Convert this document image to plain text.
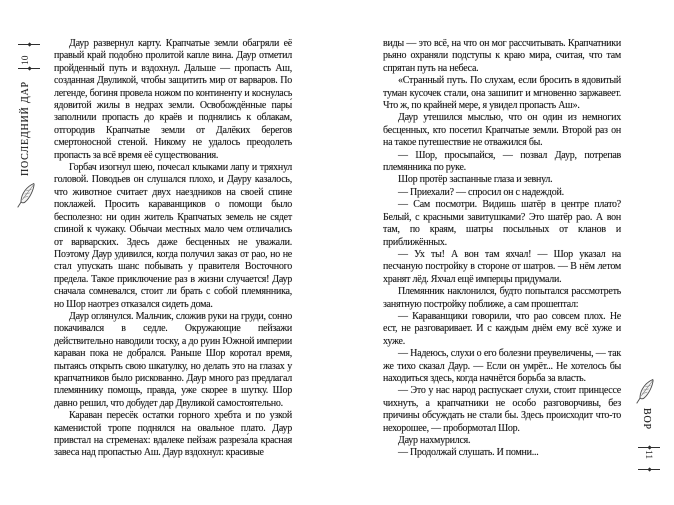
10
ПОСЛЕДНИЙ ДАР

Даур развернул карту. Крапчатые земли обагряли её правый край подобно пролитой капле вина. Даур отметил пройденный путь и вздохнул. Дальше — пропасть Аш, созданная Двуликой, чтобы защитить мир от варваров. По легенде, богиня провела ножом по континенту и коснулась ядовитой жилы в недрах земли. Освобождённые пары́ заполнили пропасть до краёв и поднялись к облакам, отгородив Крапчатые земли от Далёких берегов смертоносной стеной. Никому не удалось преодолеть пропасть за всё время её существования.

Горбач изогнул шею, почесал клыками лапу и тряхнул головой. Поводьев он слушался плохо, и Дауру казалось, что животное считает двух наездников на своей спине поклажей. Просить караванщиков о помощи было бесполезно: ни один житель Крапчатых земель не сядет спиной к чужаку. Обычаи местных мало чем отличались от варварских. Здесь даже бесценных не уважали. Поэтому Даур удивился, когда получил заказ от рао, но не стал упускать шанс побывать у правителя Восточного предела. Такое приключение раз в жизни случается! Даур сначала сомневался, стоит ли брать с собой племянника, но Шор наотрез отказался сидеть дома.

Даур оглянулся. Мальчик, сложив руки на груди, сонно покачивался в седле. Окружающие пейзажи действительно наводили тоску, а до руин Южной империи караван пока не добрался. Раньше Шор коротал время, пытаясь открыть свою шкатулку, но делать это на глазах у крапчатников было рискованно. Даур много раз предлагал племяннику помощь, правда, уже скорее в шутку. Шор давно решил, что добудет дар Двуликой самостоятельно.

Караван пересёк остатки горного хребта и по узкой каменистой тропе поднялся на овальное плато. Даур привстал на стременах: вдалеке пейзаж разреза́ла красная завеса над пропастью Аш. Даур вздохнул: красивые

виды — это всё, на что он мог рассчитывать. Крапчатники рьяно охраняли подступы к краю мира, считая, что там спрятан путь на небеса.

«Странный путь. По слухам, если бросить в ядовитый туман кусочек стали, она зашипит и мгновенно заржавеет. Что ж, по крайней мере, я увидел пропасть Аш».

Даур утешился мыслью, что он один из немногих бесценных, кто посетил Крапчатые земли. Второй раз он на такое путешествие не отважился бы.

— Шор, просыпайся, — позвал Даур, потрепав племянника по руке.

Шор протёр заспанные глаза и зевнул.

— Приехали? — спросил он с надеждой.

— Сам посмотри. Видишь шатёр в центре плато? Белый, с красными завитушками? Это шатёр рао. А вон там, по краям, шатры посыльных от кланов и приближённых.

— Ух ты! А вон там яхчал! — Шор указал на песчаную постройку в стороне от шатров. — В нём летом хранят лёд. Яхчал ещё имперцы придумали.

Племянник наклонился, будто попытался рассмотреть занятную постройку поближе, а сам прошептал:

— Караванщики говорили, что рао совсем плох. Не ест, не разговаривает. И с каждым днём ему всё хуже и хуже.

— Надеюсь, слухи о его болезни преувеличены, — так же тихо сказал Даур. — Если он умрёт... Не хотелось бы находиться здесь, когда начнётся борьба за власть.

— Это у нас народ распускает слухи, стоит принцессе чихнуть, а крапчатники не особо разговорчивы, без причины обсуждать не стали бы. Здесь происходит что-то нехорошее, — пробормотал Шор.

Даур нахмурился.

— Продолжай слушать. И помни...

ВОР
11
